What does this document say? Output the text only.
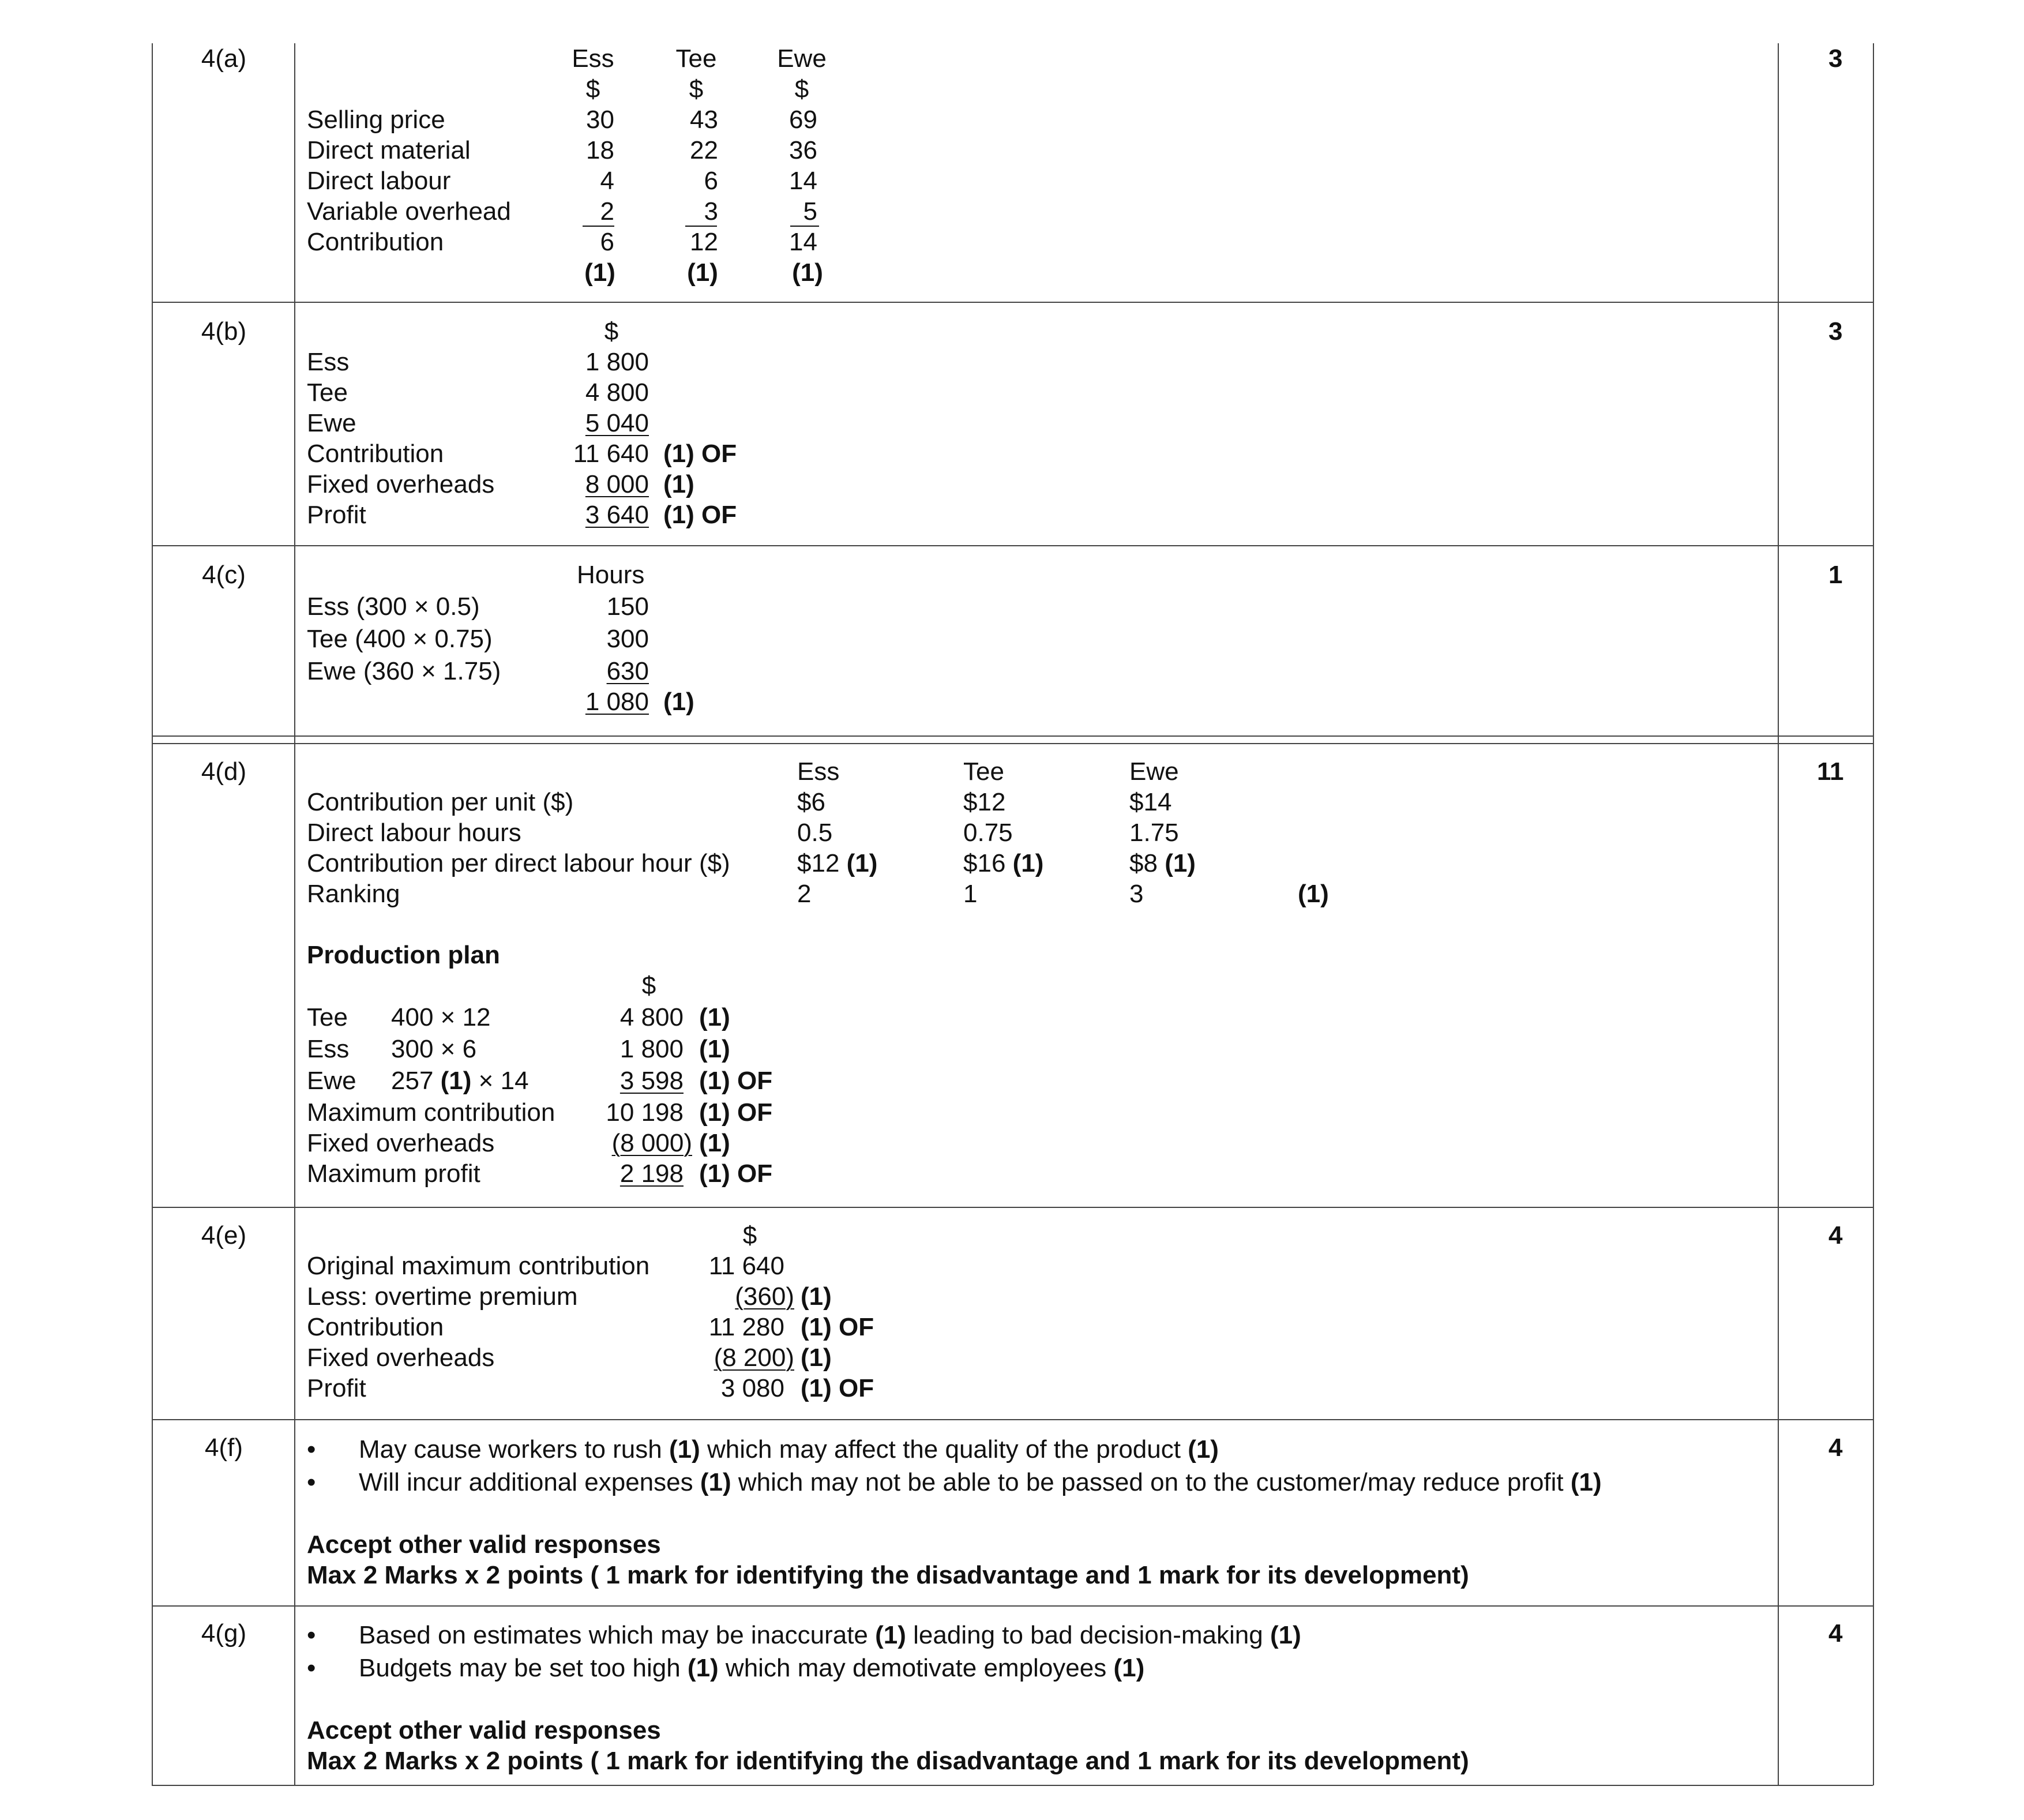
4(a)	3
Ess	Tee	Ewe
$	$	$
Selling price	30	43	69
Direct material	18	22	36
Direct labour	4	6	14
Variable overhead	2	3	5
Contribution	6	12	14
(1)	(1)	(1)
4(b)	3
$
Ess	1 800
Tee	4 800
Ewe	5 040
Contribution	11 640 (1) OF
Fixed overheads	8 000 (1)
Profit	3 640 (1) OF
4(c)	1
Hours
Ess (300 × 0.5)	150
Tee (400 × 0.75)	300
Ewe (360 × 1.75)	630
1 080 (1)
4(d)	11
Ess	Tee	Ewe
Contribution per unit ($)	$6	$12	$14
Direct labour hours	0.5	0.75	1.75
Contribution per direct labour hour ($)	$12 (1)	$16 (1)	$8 (1)
Ranking	2	1	3	(1)
Production plan
$
Tee 400 × 12	4 800 (1)
Ess 300 × 6	1 800 (1)
Ewe 257 (1) × 14	3 598 (1) OF
Maximum contribution	10 198 (1) OF
Fixed overheads	(8 000) (1)
Maximum profit	2 198 (1) OF
4(e)	4
$
Original maximum contribution	11 640
Less: overtime premium	(360) (1)
Contribution	11 280 (1) OF
Fixed overheads	(8 200) (1)
Profit	3 080 (1) OF
4(f)	4
• May cause workers to rush (1) which may affect the quality of the product (1)
• Will incur additional expenses (1) which may not be able to be passed on to the customer/may reduce profit (1)
Accept other valid responses
Max 2 Marks x 2 points ( 1 mark for identifying the disadvantage and 1 mark for its development)
4(g)	4
• Based on estimates which may be inaccurate (1) leading to bad decision-making (1)
• Budgets may be set too high (1) which may demotivate employees (1)
Accept other valid responses
Max 2 Marks x 2 points ( 1 mark for identifying the disadvantage and 1 mark for its development)
